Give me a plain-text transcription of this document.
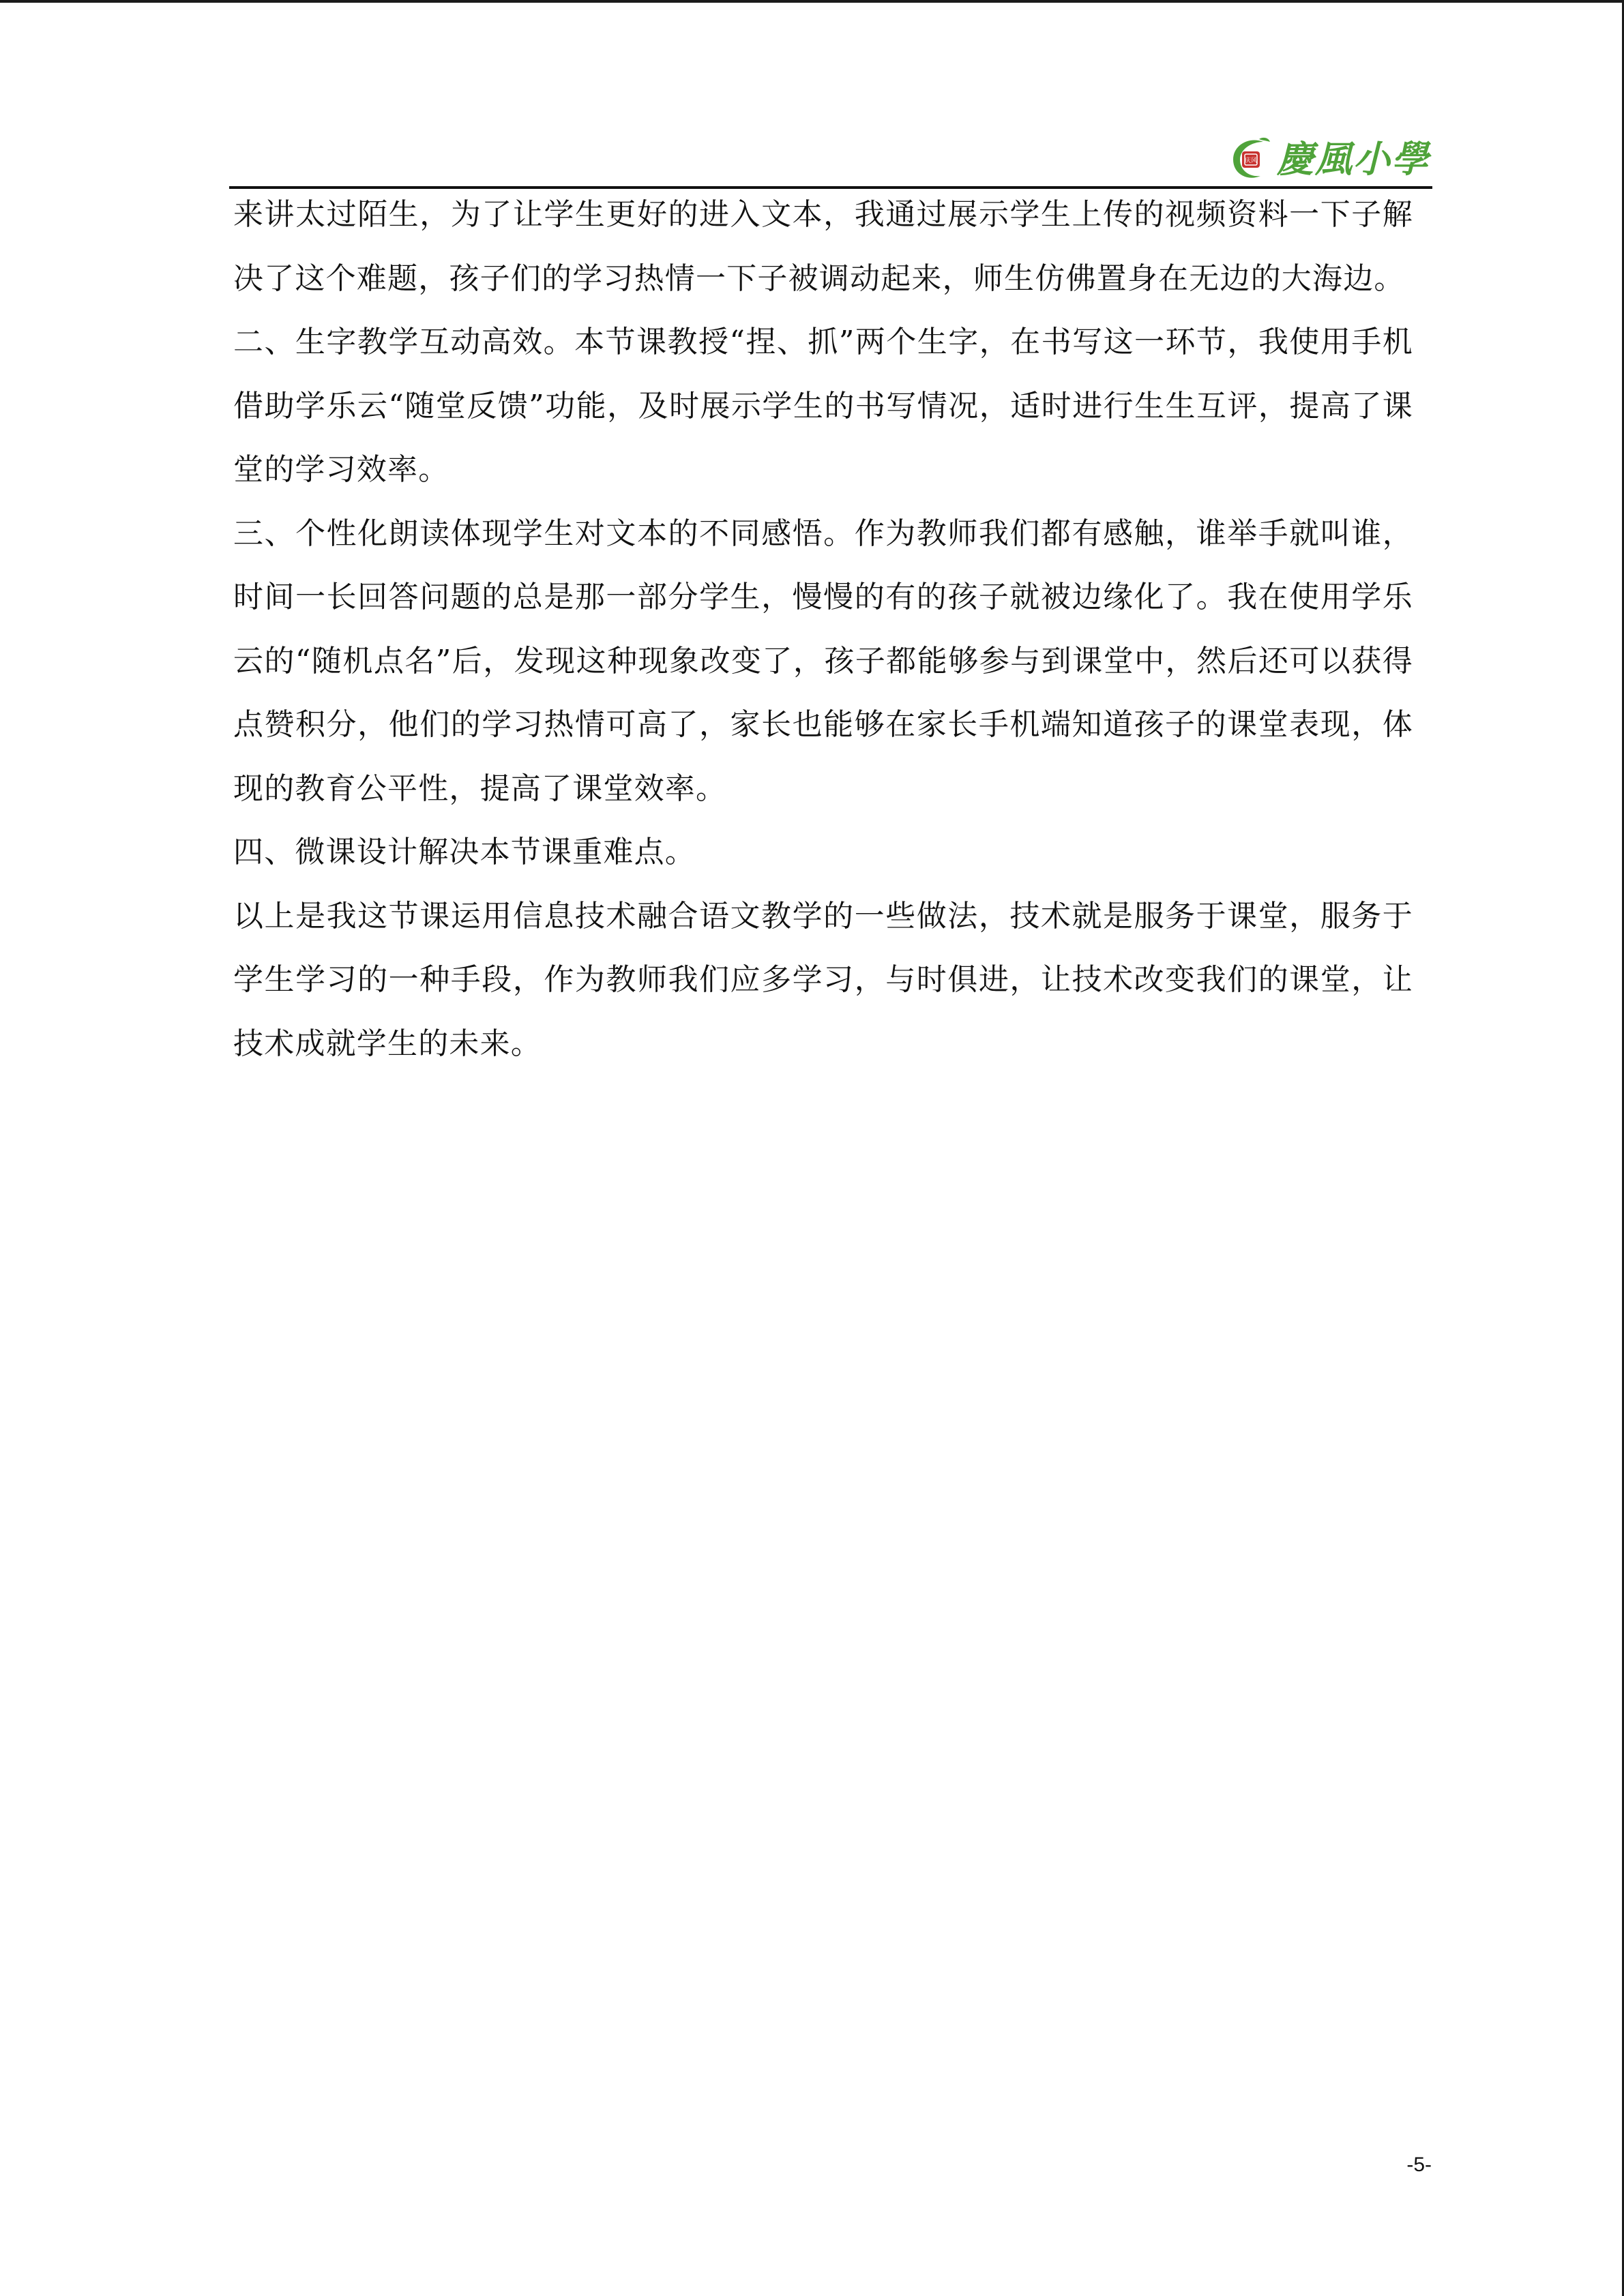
庆风 慶風小學

来讲太过陌生，为了让学生更好的进入文本，我通过展示学生上传的视频资料一下子解决了这个难题，孩子们的学习热情一下子被调动起来，师生仿佛置身在无边的大海边。

二、生字教学互动高效。本节课教授“捏、抓”两个生字，在书写这一环节，我使用手机借助学乐云“随堂反馈”功能，及时展示学生的书写情况，适时进行生生互评，提高了课堂的学习效率。

三、个性化朗读体现学生对文本的不同感悟。作为教师我们都有感触，谁举手就叫谁，时间一长回答问题的总是那一部分学生，慢慢的有的孩子就被边缘化了。我在使用学乐云的“随机点名”后，发现这种现象改变了，孩子都能够参与到课堂中，然后还可以获得点赞积分，他们的学习热情可高了，家长也能够在家长手机端知道孩子的课堂表现，体现的教育公平性，提高了课堂效率。

四、微课设计解决本节课重难点。

以上是我这节课运用信息技术融合语文教学的一些做法，技术就是服务于课堂，服务于学生学习的一种手段，作为教师我们应多学习，与时俱进，让技术改变我们的课堂，让技术成就学生的未来。

-5-
